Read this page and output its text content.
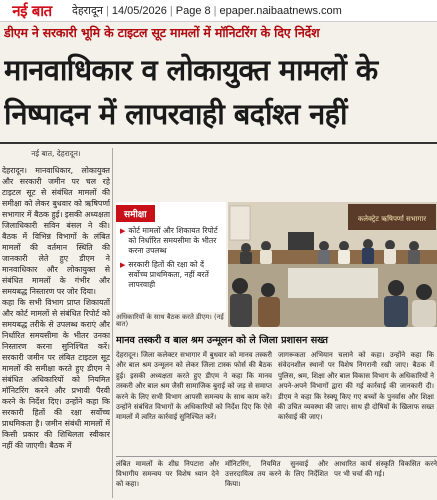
नई बात	देहरादून | 14/05/2026 | Page 8 | epaper.naibaatnews.com
डीएम ने सरकारी भूमि के टाइटल सूट मामलों में मॉनिटरिंग के दिए निर्देश
मानवाधिकार व लोकायुक्त मामलों के
निष्पादन में लापरवाही बर्दाश्त नहीं
नई बात, देहरादून।

देहरादून। मानवाधिकार, लोकायुक्त और सरकारी जमीन पर चल रहे टाइटल सूट से संबंधित मामलों की समीक्षा को लेकर बुधवार को ऋषिपर्णा सभागार में बैठक हुई। इसकी अध्यक्षता जिलाधिकारी सविन बंसल ने की। बैठक में विभिन्न विभागों के लंबित मामलों की वर्तमान स्थिति की जानकारी लेते हुए डीएम ने मानवाधिकार और लोकायुक्त से संबंधित मामलों के गंभीर और समयबद्ध निस्तारण पर जोर दिया।

कहा कि सभी विभाग प्राप्त शिकायतों और कोर्ट मामलों से संबंधित रिपोर्ट को समयबद्ध तरीके से उपलब्ध कराएं और निर्धारित समयसीमा के भीतर उनका निस्तारण करना सुनिश्चित करें। सरकारी जमीन पर लंबित टाइटल सूट मामलों की समीक्षा करते हुए डीएम ने संबंधित अधिकारियों को नियमित मॉनिटरिंग करने और प्रभावी पैरवी करने के निर्देश दिए। उन्होंने कहा कि सरकारी हितों की रक्षा सर्वोच्च प्राथमिकता है। जमीन संबंधी मामलों में किसी प्रकार की शिथिलता स्वीकार नहीं की जाएगी। बैठक में

समीक्षा
▶ कोर्ट मामलों और शिकायत रिपोर्ट को निर्धारित समयसीमा के भीतर करना उपलब्ध
▶ सरकारी हितों की रक्षा को दें सर्वोच्च प्राथमिकता, नहीं बरतें लापरवाही
कलेक्ट्रेट ऋषिपर्णा सभागार
अधिकारियों के साथ बैठक करते डीएम। (नई बात)
मानव तस्करी व बाल श्रम उन्मूलन को ले जिला प्रशासन सख्त
देहरादून। जिला कलेक्टर सभागार में बुधवार को मानव तस्करी और बाल श्रम उन्मूलन को लेकर जिला टास्क फोर्स की बैठक हुई। इसकी अध्यक्षता करते हुए डीएम ने कहा कि मानव तस्करी और बाल श्रम जैसी सामाजिक बुराई को जड़ से समाप्त करने के लिए सभी विभाग आपसी समन्वय के साथ काम करें। उन्होंने संबंधित विभागों के अधिकारियों को निर्देश दिए कि ऐसे मामलों में त्वरित कार्रवाई सुनिश्चित करें।
जागरूकता अभियान चलाने को कहा। उन्होंने कहा कि संवेदनशील स्थानों पर विशेष निगरानी रखी जाए। बैठक में पुलिस, श्रम, शिक्षा और बाल विकास विभाग के अधिकारियों ने अपने-अपने विभागों द्वारा की गई कार्रवाई की जानकारी दी। डीएम ने कहा कि रेस्क्यू किए गए बच्चों के पुनर्वास और शिक्षा की उचित व्यवस्था की जाए। साथ ही दोषियों के खिलाफ सख्त कार्रवाई की जाए।

लंबित मामलों के शीघ्र निपटारा और विभागीय समन्वय पर विशेष ध्यान देने को कहा।

मॉनिटरिंग, नियमित सुनवाई और उत्तरदायित्व तय करने के लिए निर्देशित किया।

आधारित कार्य संस्कृति विकसित करने पर भी चर्चा की गई।
